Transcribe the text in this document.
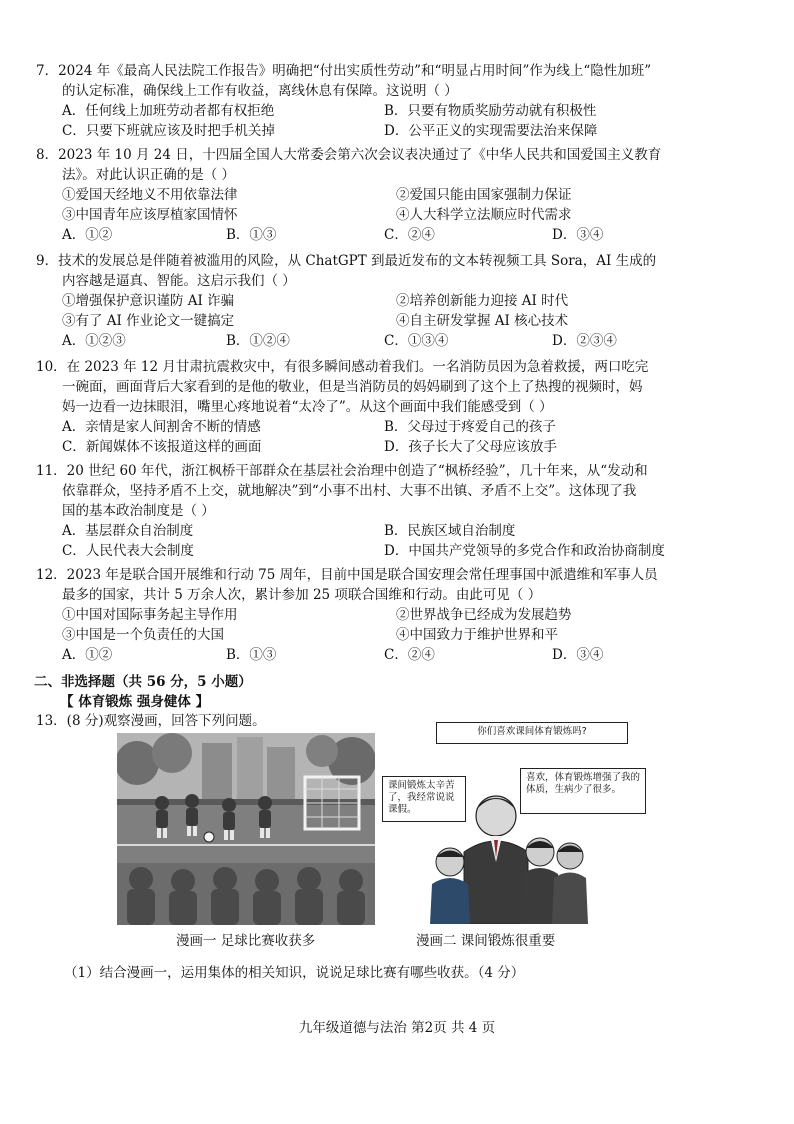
7．2024 年《最高人民法院工作报告》明确把“付出实质性劳动”和“明显占用时间”作为线上“隐性加班”
的认定标准，确保线上工作有收益，离线休息有保障。这说明（ ）
A．任何线上加班劳动者都有权拒绝	B．只要有物质奖励劳动就有积极性
C．只要下班就应该及时把手机关掉	D．公平正义的实现需要法治来保障
8．2023 年 10 月 24 日，十四届全国人大常委会第六次会议表决通过了《中华人民共和国爱国主义教育
法》。对此认识正确的是（ ）
①爱国天经地义不用依靠法律	②爱国只能由国家强制力保证
③中国青年应该厚植家国情怀	④人大科学立法顺应时代需求
A．①②	B．①③	C．②④	D．③④
9．技术的发展总是伴随着被滥用的风险，从 ChatGPT 到最近发布的文本转视频工具 Sora，AI 生成的
内容越是逼真、智能。这启示我们（ ）
①增强保护意识谨防 AI 诈骗	②培养创新能力迎接 AI 时代
③有了 AI 作业论文一键搞定	④自主研发掌握 AI 核心技术
A．①②③	B．①②④	C．①③④	D．②③④
10．在 2023 年 12 月甘肃抗震救灾中，有很多瞬间感动着我们。一名消防员因为急着救援，两口吃完
一碗面，画面背后大家看到的是他的敬业，但是当消防员的妈妈刷到了这个上了热搜的视频时，妈
妈一边看一边抹眼泪，嘴里心疼地说着“太冷了”。从这个画面中我们能感受到（ ）
A．亲情是家人间割舍不断的情感	B．父母过于疼爱自己的孩子
C．新闻媒体不该报道这样的画面	D．孩子长大了父母应该放手
11．20 世纪 60 年代，浙江枫桥干部群众在基层社会治理中创造了“枫桥经验”，几十年来，从“发动和
依靠群众，坚持矛盾不上交，就地解决”到“小事不出村、大事不出镇、矛盾不上交”。这体现了我
国的基本政治制度是（ ）
A．基层群众自治制度	B．民族区域自治制度
C．人民代表大会制度	D．中国共产党领导的多党合作和政治协商制度
12．2023 年是联合国开展维和行动 75 周年，目前中国是联合国安理会常任理事国中派遣维和军事人员
最多的国家，共计 5 万余人次，累计参加 25 项联合国维和行动。由此可见（ ）
①中国对国际事务起主导作用	②世界战争已经成为发展趋势
③中国是一个负责任的大国	④中国致力于维护世界和平
A．①②	B．①③	C．②④	D．③④
二、非选择题（共 56 分，5 小题）
【 体育锻炼 强身健体 】
13．(8 分)观察漫画，回答下列问题。
漫画一 足球比赛收获多
你们喜欢课间体育锻炼吗?
课间锻炼太辛苦了，我经常说说课假。
喜欢，体育锻炼增强了我的体质，生病少了很多。
漫画二 课间锻炼很重要
（1）结合漫画一，运用集体的相关知识，说说足球比赛有哪些收获。（4 分）
九年级道德与法治 第2页 共 4 页
